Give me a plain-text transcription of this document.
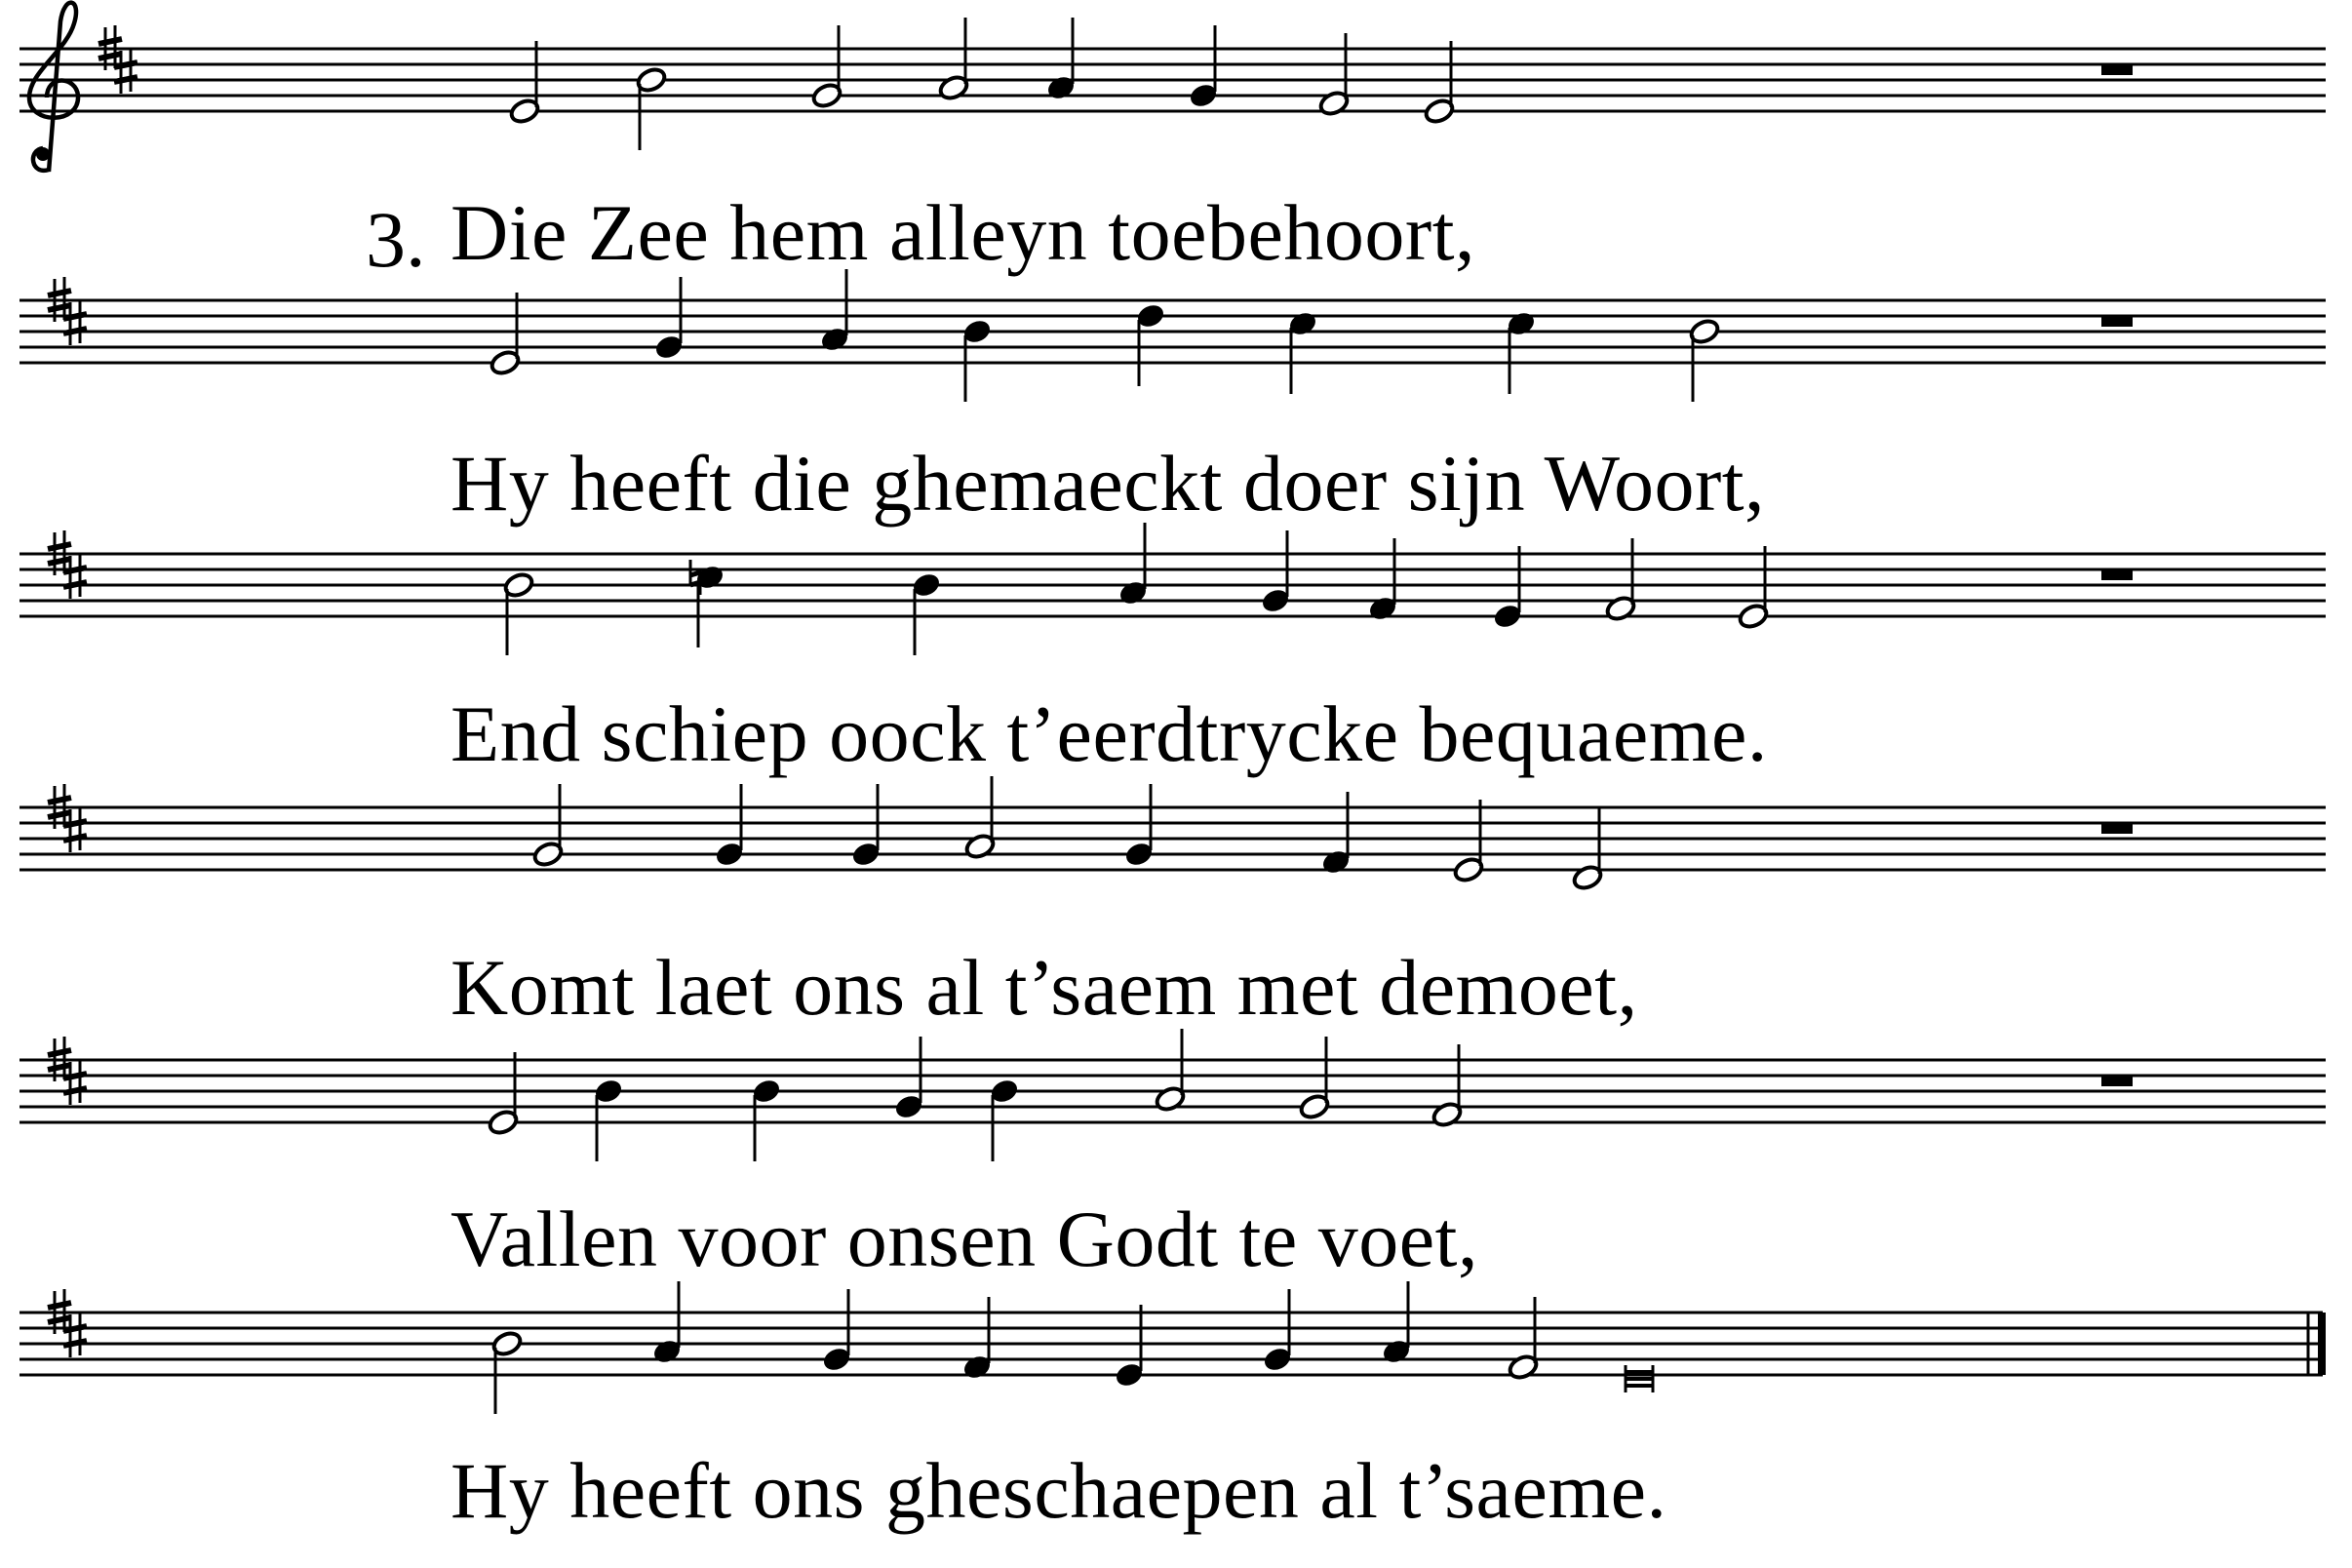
3. Die Zee hem alleyn toebehoort,
Hy heeft die ghemaeckt doer sijn Woort,
End schiep oock t’eerdtrycke bequaeme.
Komt laet ons al t’saem met demoet,
Vallen voor onsen Godt te voet,
Hy heeft ons gheschaepen al t’saeme.
